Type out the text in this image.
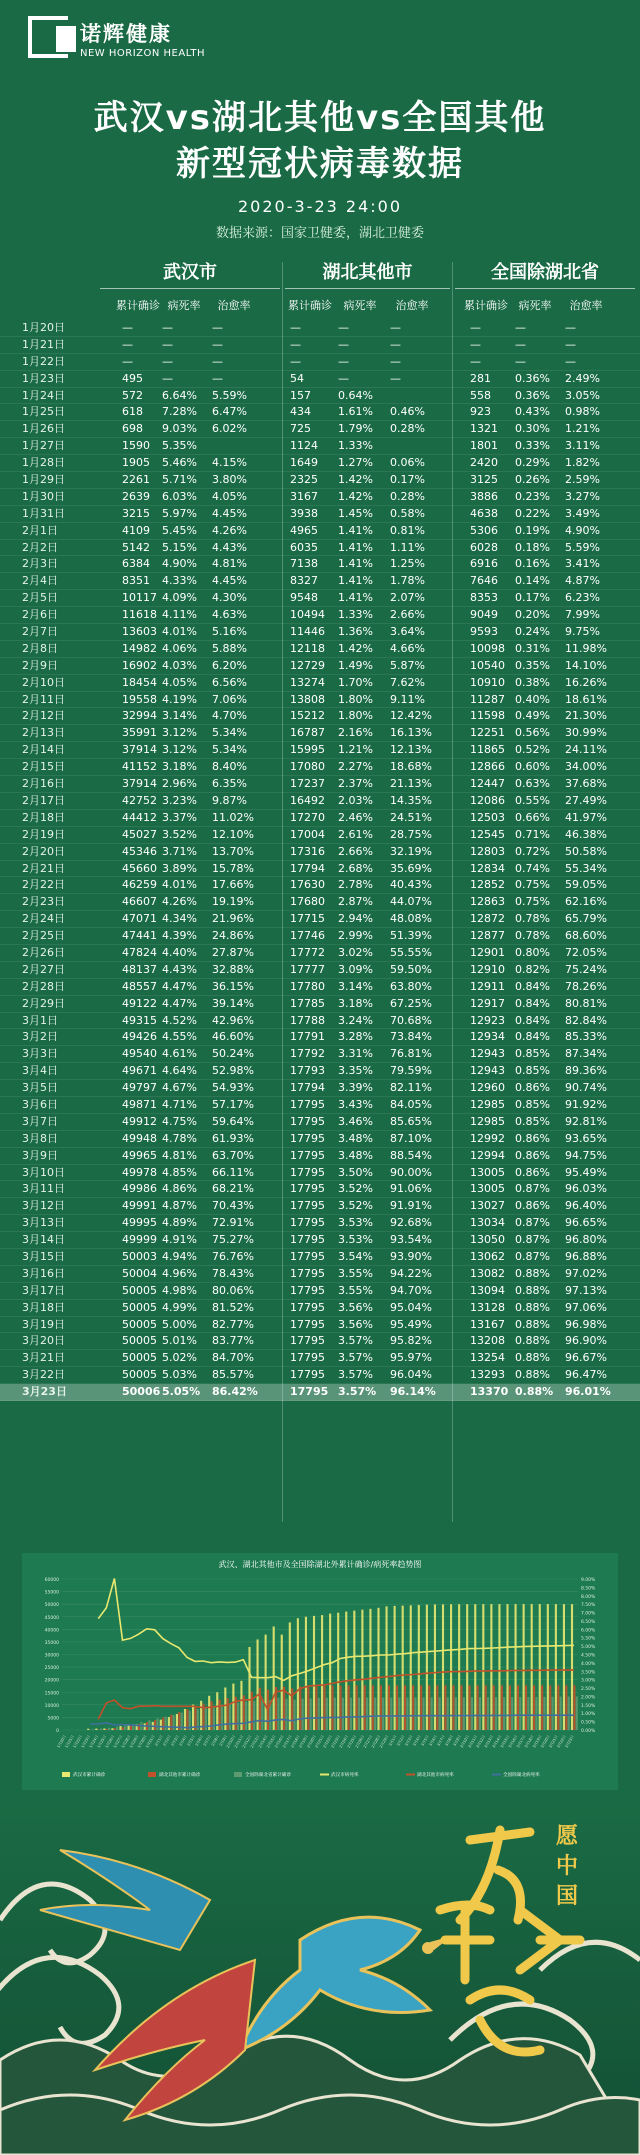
诺辉健康
NEW HORIZON HEALTH
武汉vs湖北其他vs全国其他
新型冠状病毒数据
2020-3-23 24:00
数据来源：国家卫健委，湖北卫健委
武汉市	湖北其他市	全国除湖北省
累计确诊 病死率	治愈率	累计确诊	病死率	治愈率	累计确诊 病死率	治愈率
1月20日	—	—	—	—	—	—	—	—	—
1月21日	—	—	—	—	—	—	—	—	—
1月22日	—	—	—	—	—	—	—	—	—
1月23日	495 —	—	54	—	—	281 0.36% 2.49%
1月24日	572 6.64% 5.59%	157 0.64%	558 0.36% 3.05%
1月25日	618 7.28% 6.47%	434 1.61% 0.46%	923 0.43% 0.98%
1月26日	698 9.03% 6.02%	725 1.79% 0.28%	1321 0.30% 1.21%
1月27日	1590 5.35%	1124 1.33%	1801 0.33% 3.11%
1月28日	1905 5.46% 4.15%	1649 1.27% 0.06%	2420 0.29% 1.82%
1月29日	2261 5.71% 3.80%	2325 1.42% 0.17%	3125 0.26% 2.59%
1月30日	2639 6.03% 4.05%	3167 1.42% 0.28%	3886 0.23% 3.27%
1月31日	3215 5.97% 4.45%	3938 1.45% 0.58%	4638 0.22% 3.49%
2月1日	4109 5.45% 4.26%	4965 1.41% 0.81%	5306 0.19% 4.90%
2月2日	5142 5.15% 4.43%	6035 1.41% 1.11%	6028 0.18% 5.59%
2月3日	6384 4.90% 4.81%	7138 1.41% 1.25%	6916 0.16% 3.41%
2月4日	8351 4.33% 4.45%	8327 1.41% 1.78%	7646 0.14% 4.87%
2月5日	10117 4.09% 4.30%	9548 1.41% 2.07%	8353 0.17% 6.23%
2月6日	11618 4.11% 4.63%	10494 1.33% 2.66%	9049 0.20% 7.99%
2月7日	13603 4.01% 5.16%	11446 1.36% 3.64%	9593 0.24% 9.75%
2月8日	14982 4.06% 5.88%	12118 1.42% 4.66%	10098 0.31% 11.98%
2月9日	16902 4.03% 6.20%	12729 1.49% 5.87%	10540 0.35% 14.10%
2月10日	18454 4.05% 6.56%	13274 1.70% 7.62%	10910 0.38% 16.26%
2月11日	19558 4.19% 7.06%	13808 1.80% 9.11%	11287 0.40% 18.61%
2月12日	32994 3.14% 4.70%	15212 1.80% 12.42%	11598 0.49% 21.30%
2月13日	35991 3.12% 5.34%	16787 2.16% 16.13%	12251 0.56% 30.99%
2月14日	37914 3.12% 5.34%	15995 1.21% 12.13%	11865 0.52% 24.11%
2月15日	41152 3.18% 8.40%	17080 2.27% 18.68%	12866 0.60% 34.00%
2月16日	37914 2.96% 6.35%	17237 2.37% 21.13%	12447 0.63% 37.68%
2月17日	42752 3.23% 9.87%	16492 2.03% 14.35%	12086 0.55% 27.49%
2月18日	44412 3.37% 11.02%	17270 2.46% 24.51%	12503 0.66% 41.97%
2月19日	45027 3.52% 12.10%	17004 2.61% 28.75%	12545 0.71% 46.38%
2月20日	45346 3.71% 13.70%	17316 2.66% 32.19%	12803 0.72% 50.58%
2月21日	45660 3.89% 15.78%	17794 2.68% 35.69%	12834 0.74% 55.34%
2月22日	46259 4.01% 17.66%	17630 2.78% 40.43%	12852 0.75% 59.05%
2月23日	46607 4.26% 19.19%	17680 2.87% 44.07%	12863 0.75% 62.16%
2月24日	47071 4.34% 21.96%	17715 2.94% 48.08%	12872 0.78% 65.79%
2月25日	47441 4.39% 24.86%	17746 2.99% 51.39%	12877 0.78% 68.60%
2月26日	47824 4.40% 27.87%	17772 3.02% 55.55%	12901 0.80% 72.05%
2月27日	48137 4.43% 32.88%	17777 3.09% 59.50%	12910 0.82% 75.24%
2月28日	48557 4.47% 36.15%	17780 3.14% 63.80%	12911 0.84% 78.26%
2月29日	49122 4.47% 39.14%	17785 3.18% 67.25%	12917 0.84% 80.81%
3月1日	49315 4.52% 42.96%	17788 3.24% 70.68%	12923 0.84% 82.84%
3月2日	49426 4.55% 46.60%	17791 3.28% 73.84%	12934 0.84% 85.33%
3月3日	49540 4.61% 50.24%	17792 3.31% 76.81%	12943 0.85% 87.34%
3月4日	49671 4.64% 52.98%	17793 3.35% 79.59%	12943 0.85% 89.36%
3月5日	49797 4.67% 54.93%	17794 3.39% 82.11%	12960 0.86% 90.74%
3月6日	49871 4.71% 57.17%	17795 3.43% 84.05%	12985 0.85% 91.92%
3月7日	49912 4.75% 59.64%	17795 3.46% 85.65%	12985 0.85% 92.81%
3月8日	49948 4.78% 61.93%	17795 3.48% 87.10%	12992 0.86% 93.65%
3月9日	49965 4.81% 63.70%	17795 3.48% 88.54%	12994 0.86% 94.75%
3月10日	49978 4.85% 66.11%	17795 3.50% 90.00%	13005 0.86% 95.49%
3月11日	49986 4.86% 68.21%	17795 3.52% 91.06%	13005 0.87% 96.03%
3月12日	49991 4.87% 70.43%	17795 3.52% 91.91%	13027 0.86% 96.40%
3月13日	49995 4.89% 72.91%	17795 3.53% 92.68%	13034 0.87% 96.65%
3月14日	49999 4.91% 75.27%	17795 3.53% 93.54%	13050 0.87% 96.80%
3月15日	50003 4.94% 76.76%	17795 3.54% 93.90%	13062 0.87% 96.88%
3月16日	50004 4.96% 78.43%	17795 3.55% 94.22%	13082 0.88% 97.02%
3月17日	50005 4.98% 80.06%	17795 3.55% 94.70%	13094 0.88% 97.13%
3月18日	50005 4.99% 81.52%	17795 3.56% 95.04%	13128 0.88% 97.06%
3月19日	50005 5.00% 82.77%	17795 3.56% 95.49%	13167 0.88% 96.98%
3月20日	50005 5.01% 83.77%	17795 3.57% 95.82%	13208 0.88% 96.90%
3月21日	50005 5.02% 84.70%	17795 3.57% 95.97%	13254 0.88% 96.67%
3月22日	50005 5.03% 85.57%	17795 3.57% 96.04%	13293 0.88% 96.47%
3月23日	50006 5.05% 86.42%	17795 3.57% 96.14%	13370 0.88% 96.01%
武汉、湖北其他市及全国除湖北外累计确诊/病死率趋势图
0
5000
10000
15000
20000
25000
30000
35000
40000
45000
50000
55000
60000
0.00%
0.50%
1.00%
1.50%
2.00%
2.50%
3.00%
3.50%
4.00%
4.50%
5.00%
5.50%
6.00%
6.50%
7.00%
7.50%
8.00%
8.50%
9.00%
1月20日
1月21日
1月22日
1月23日
1月24日
1月25日
1月26日
1月27日
1月28日
1月29日
1月30日
1月31日
2月1日
2月2日
2月3日
2月4日
2月5日
2月6日
2月7日
2月8日
2月9日
2月10日
2月11日
2月12日
2月13日
2月14日
2月15日
2月16日
2月17日
2月18日
2月19日
2月20日
2月21日
2月22日
2月23日
2月24日
2月25日
2月26日
2月27日
2月28日
2月29日
3月1日
3月2日
3月3日
3月4日
3月5日
3月6日
3月7日
3月8日
3月9日
3月10日
3月11日
3月12日
3月13日
3月14日
3月15日
3月16日
3月17日
3月18日
3月19日
3月20日
3月21日
3月22日
3月23日
武汉市累计确诊	湖北其他市累计确诊	全国除湖北省累计确诊	武汉市病死率	湖北其他市病死率	全国除湖北病死率
愿中国
